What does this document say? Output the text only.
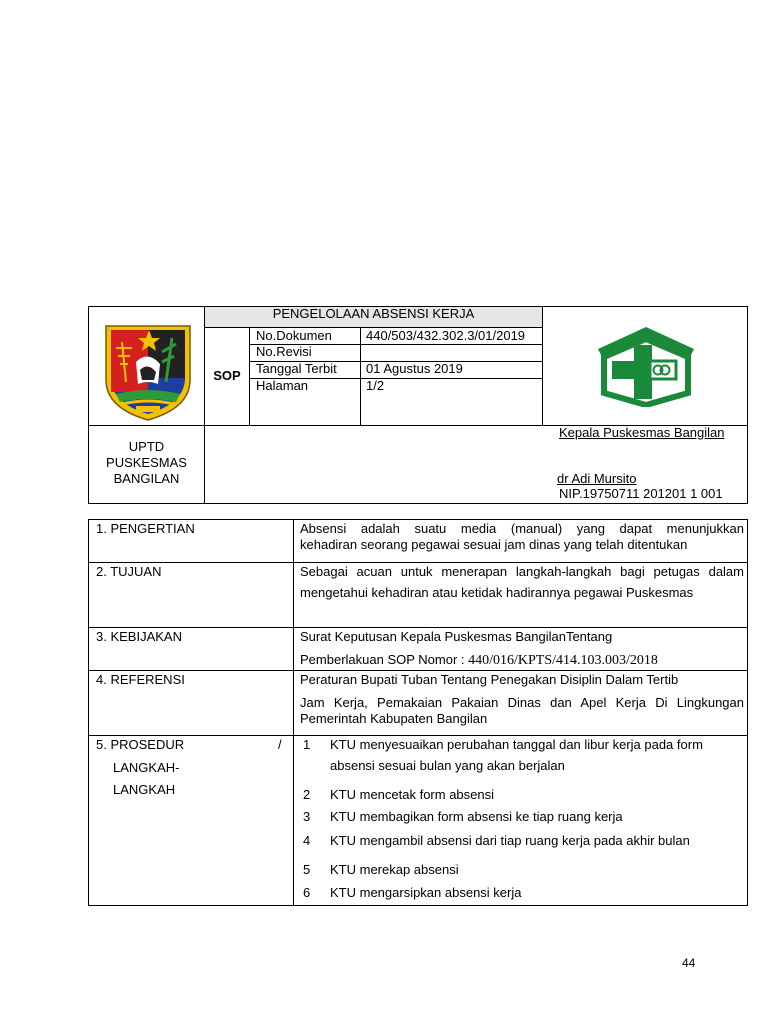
PENGELOLAAN ABSENSI KERJA
SOP
No.Dokumen	440/503/432.302.3/01/2019
No.Revisi
Tanggal Terbit 01 Agustus 2019
Halaman	1/2
UPTD
PUSKESMAS
BANGILAN
Kepala Puskesmas Bangilan
dr Adi Mursito
NIP.19750711 201201 1 001
1. PENGERTIAN	Absensi adalah suatu media (manual) yang dapat menunjukkan
kehadiran seorang pegawai sesuai jam dinas yang telah ditentukan
2. TUJUAN	Sebagai acuan untuk menerapan langkah-langkah bagi petugas dalam
mengetahui kehadiran atau ketidak hadirannya pegawai Puskesmas
3. KEBIJAKAN	Surat Keputusan Kepala Puskesmas BangilanTentang
Pemberlakuan SOP Nomor : 440/016/KPTS/414.103.003/2018
4. REFERENSI	Peraturan Bupati Tuban Tentang Penegakan Disiplin Dalam Tertib
Jam Kerja, Pemakaian Pakaian Dinas dan Apel Kerja Di Lingkungan
Pemerintah Kabupaten Bangilan
5. PROSEDUR	/
LANGKAH-
LANGKAH
1 KTU menyesuaikan perubahan tanggal dan libur kerja pada form
absensi sesuai bulan yang akan berjalan
2 KTU mencetak form absensi
3 KTU membagikan form absensi ke tiap ruang kerja
4 KTU mengambil absensi dari tiap ruang kerja pada akhir bulan
5 KTU merekap absensi
6 KTU mengarsipkan absensi kerja
44
